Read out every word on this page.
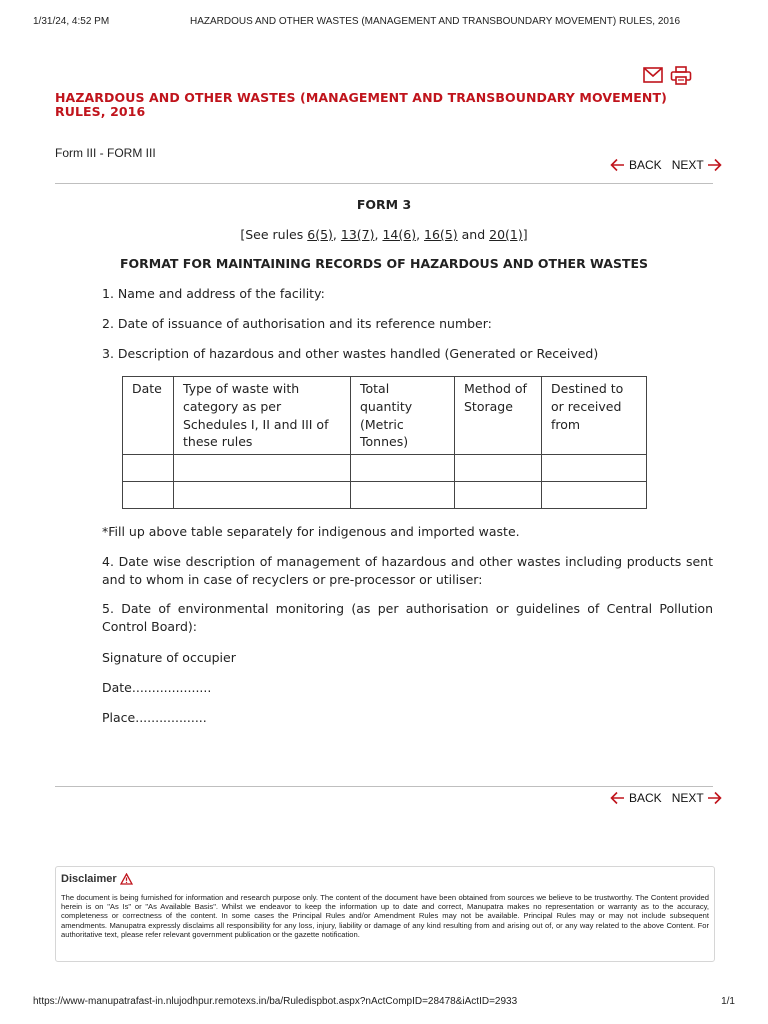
1/31/24, 4:52 PM	HAZARDOUS AND OTHER WASTES (MANAGEMENT AND TRANSBOUNDARY MOVEMENT) RULES, 2016
HAZARDOUS AND OTHER WASTES (MANAGEMENT AND TRANSBOUNDARY MOVEMENT) RULES, 2016
Form III - FORM III
BACK NEXT
FORM 3
[See rules 6(5), 13(7), 14(6), 16(5) and 20(1)]
FORMAT FOR MAINTAINING RECORDS OF HAZARDOUS AND OTHER WASTES
1. Name and address of the facility:
2. Date of issuance of authorisation and its reference number:
3. Description of hazardous and other wastes handled (Generated or Received)
Date	Type of waste with category as per Schedules I, II and III of these rules	Total quantity (Metric Tonnes)	Method of Storage	Destined to or received from

*Fill up above table separately for indigenous and imported waste.
4. Date wise description of management of hazardous and other wastes including products sent and to whom in case of recyclers or pre-processor or utiliser:
5. Date of environmental monitoring (as per authorisation or guidelines of Central Pollution Control Board):
Signature of occupier
Date....................
Place..................
BACK NEXT
Disclaimer
The document is being furnished for information and research purpose only. The content of the document have been obtained from sources we believe to be trustworthy. The Content provided herein is on "As Is" or "As Available Basis". Whilst we endeavor to keep the information up to date and correct, Manupatra makes no representation or warranty as to the accuracy, completeness or correctness of the content. In some cases the Principal Rules and/or Amendment Rules may not be available. Principal Rules may or may not include subsequent amendments. Manupatra expressly disclaims all responsibility for any loss, injury, liability or damage of any kind resulting from and arising out of, or any way related to the above Content. For authoritative text, please refer relevant government publication or the gazette notification.
https://www-manupatrafast-in.nlujodhpur.remotexs.in/ba/Ruledispbot.aspx?nActCompID=28478&iActID=2933	1/1
